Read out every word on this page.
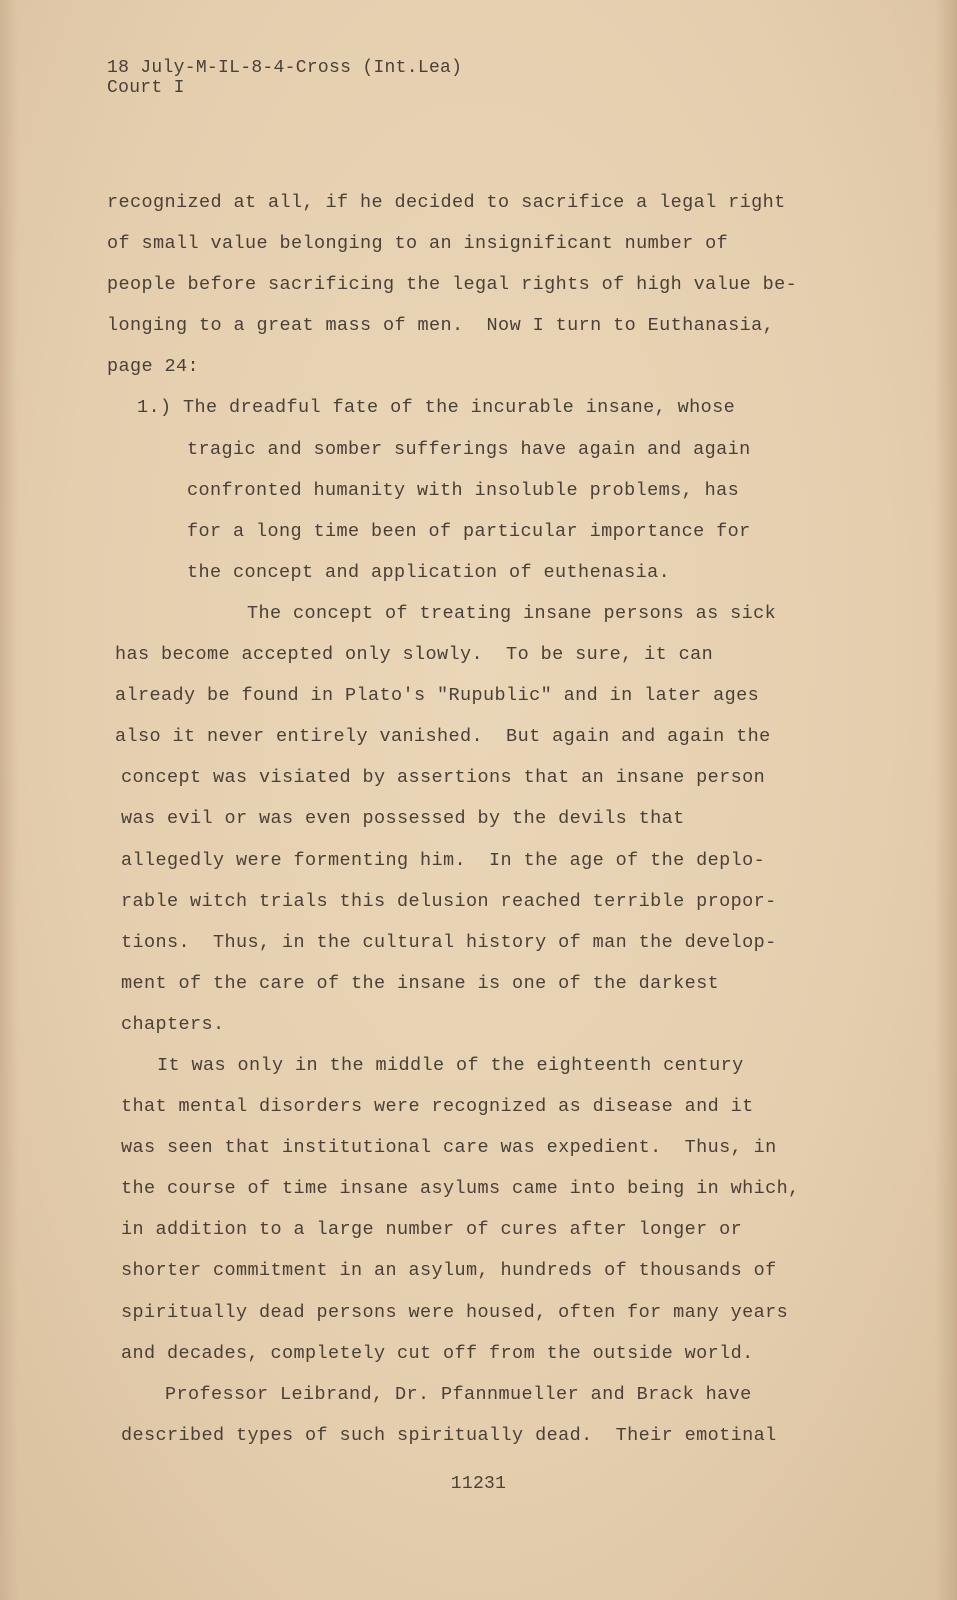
18 July-M-IL-8-4-Cross (Int.Lea)
Court I
recognized at all, if he decided to sacrifice a legal right
of small value belonging to an insignificant number of
people before sacrificing the legal rights of high value be-
longing to a great mass of men.  Now I turn to Euthanasia,
page 24:
1.) The dreadful fate of the incurable insane, whose
tragic and somber sufferings have again and again
confronted humanity with insoluble problems, has
for a long time been of particular importance for
the concept and application of euthenasia.
The concept of treating insane persons as sick
has become accepted only slowly.  To be sure, it can
already be found in Plato's "Rupublic" and in later ages
also it never entirely vanished.  But again and again the
concept was visiated by assertions that an insane person
was evil or was even possessed by the devils that
allegedly were formenting him.  In the age of the deplo-
rable witch trials this delusion reached terrible propor-
tions.  Thus, in the cultural history of man the develop-
ment of the care of the insane is one of the darkest
chapters.
It was only in the middle of the eighteenth century
that mental disorders were recognized as disease and it
was seen that institutional care was expedient.  Thus, in
the course of time insane asylums came into being in which,
in addition to a large number of cures after longer or
shorter commitment in an asylum, hundreds of thousands of
spiritually dead persons were housed, often for many years
and decades, completely cut off from the outside world.
Professor Leibrand, Dr. Pfannmueller and Brack have
described types of such spiritually dead.  Their emotinal
11231
